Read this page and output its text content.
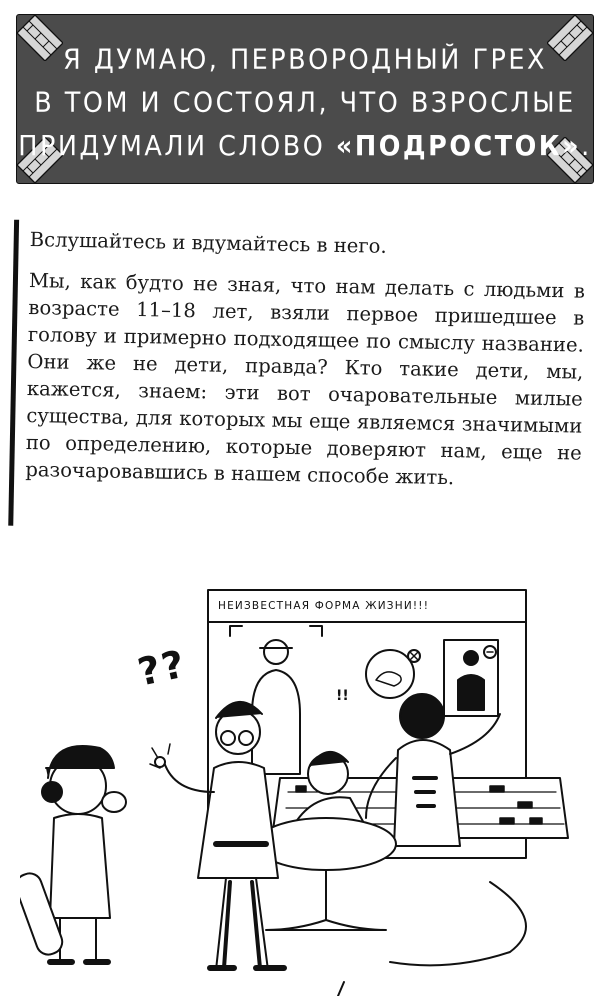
Я ДУМАЮ, ПЕРВОРОДНЫЙ ГРЕХ
В ТОМ И СОСТОЯЛ, ЧТО ВЗРОСЛЫЕ
ПРИДУМАЛИ СЛОВО «ПОДРОСТОК».

Вслушайтесь и вдумайтесь в него.

Мы, как будто не зная, что нам делать с людьми в возрасте 11–18 лет, взяли первое пришедшее в голову и примерно подходящее по смыслу название. Они же не дети, правда? Кто такие дети, мы, кажется, знаем: эти вот очаровательные милые существа, для которых мы еще являемся значимыми по определению, которые доверяют нам, еще не разочаровавшись в нашем способе жить.

НЕИЗВЕСТНАЯ ФОРМА ЖИЗНИ!!!
??
!!
